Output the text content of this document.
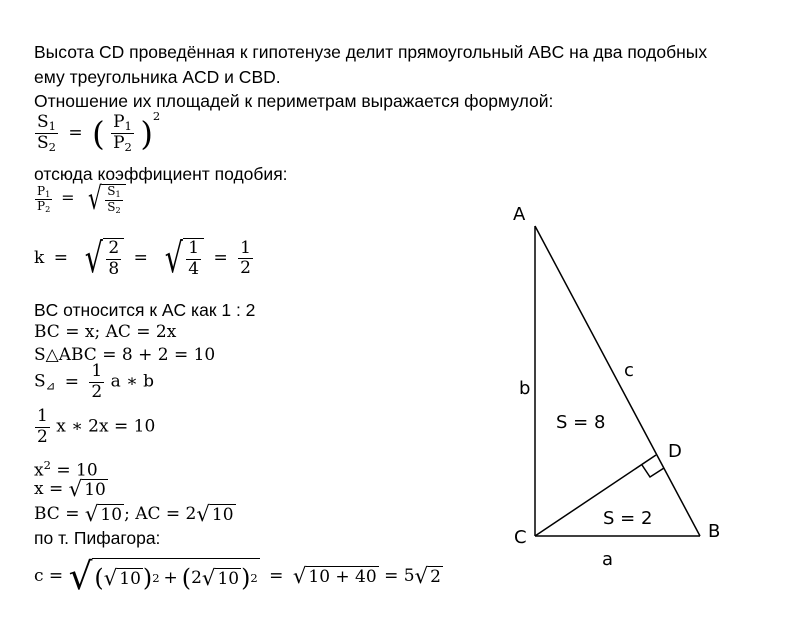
Высота CD проведённая к гипотенузе делит прямоугольный ABC на два подобных
ему треугольника ACD и CBD.
Отношение их площадей к периметрам выражается формулой:
$\frac{S_1}{S_2}$ = ( $\frac{P_1}{P_2} )^2$
отсюда коэффициент подобия:
$\frac{P_1}{P_2}$ = √ $\frac{S_1}{S_2}$
k = √ $\frac{2}{8}$ = √ $\frac{1}{4} = \frac{1}{2}$
BC относится к AC как 1 : 2
BC = x; AC = 2x
S△ABC = 8 + 2 = 10
$S_⊿ = \frac{1}{2}$ a ∗ b
$\frac{1}{2}$ x ∗ 2x = 10
$x^2 = 10$
x = √ 10
BC = √ 10 ; AC = 2 √ 10
по т. Пифагора:
c = √ ( √ 10 ) 2 + ( 2 √ 10 ) 2 = √ 10 + 40 = 5 √ 2
A
C	B
D
b
a
c
S = 8
S = 2
